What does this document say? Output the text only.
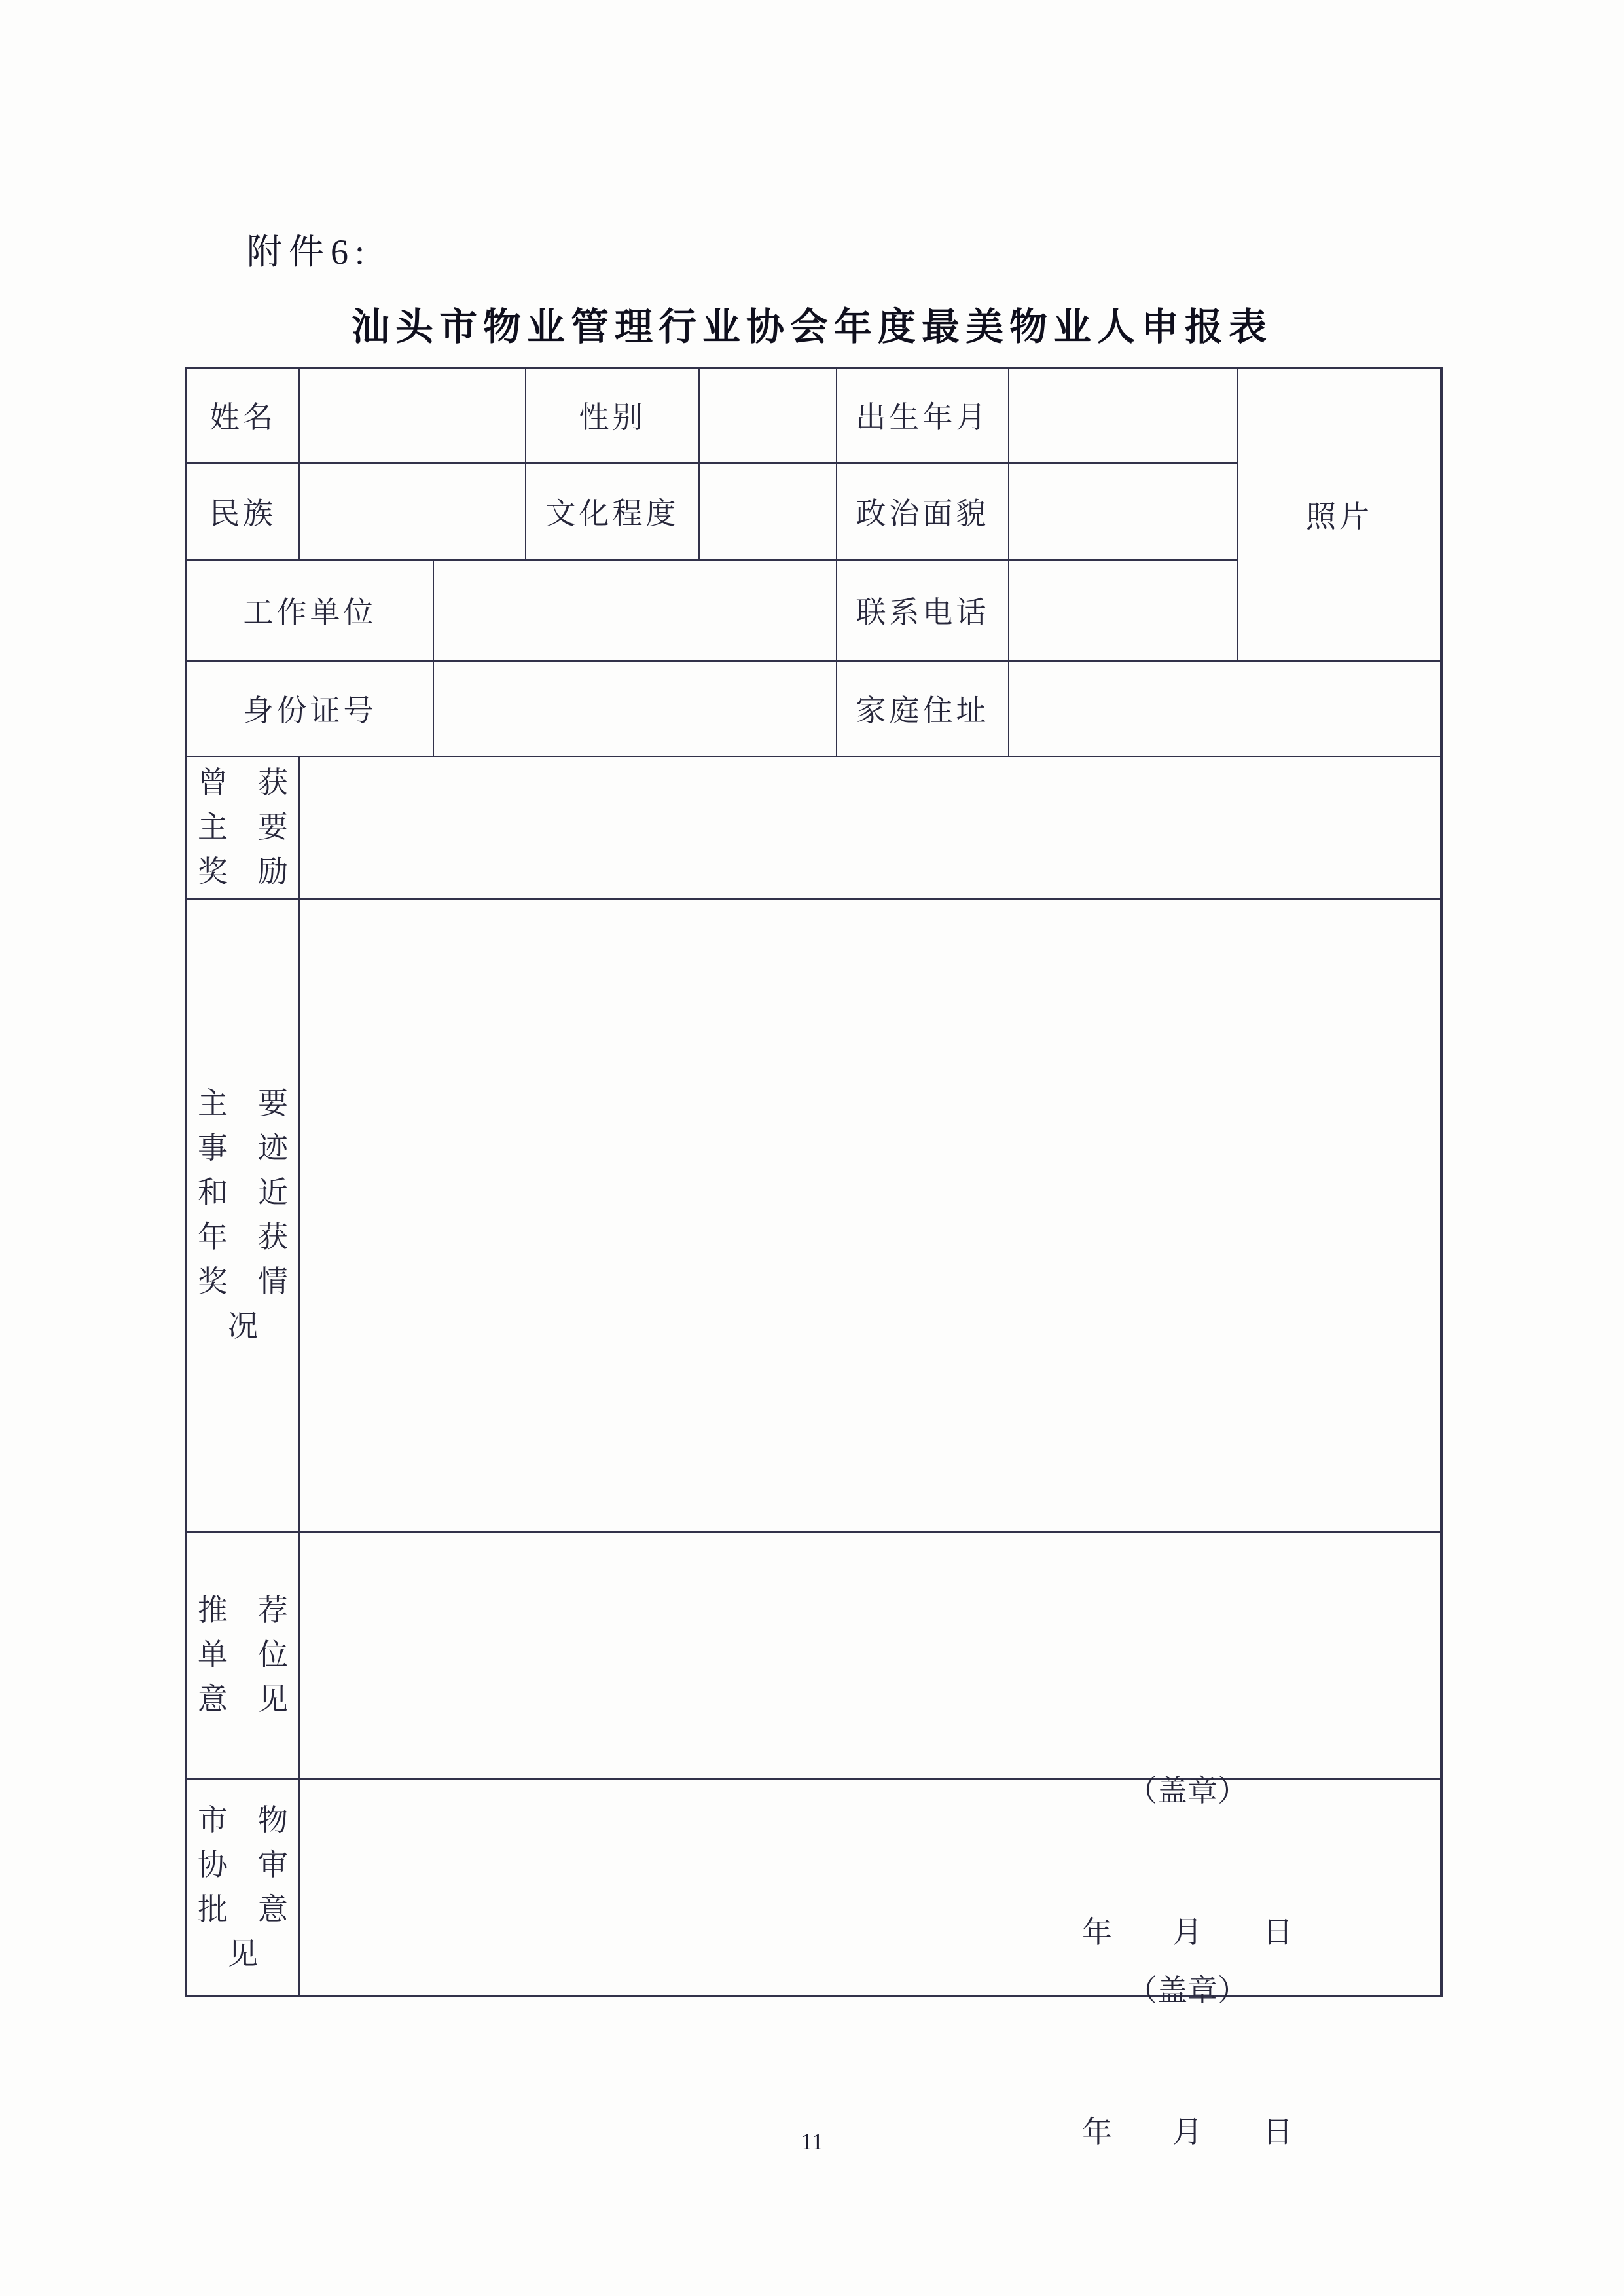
附件6:
汕头市物业管理行业协会年度最美物业人申报表
姓名			性别		出生年月		照片
民族			文化程度		政治面貌		
工作单位					联系电话		
身份证号					家庭住址		

曾　获
主　要
奖　励							

主　要
事　迹
和　近
年　获
奖　情
况

推　荐
单　位
意　见

（盖章）

年　　月　　日

市　物
协　审
批　意
见

（盖章）

年　　月　　日

11
